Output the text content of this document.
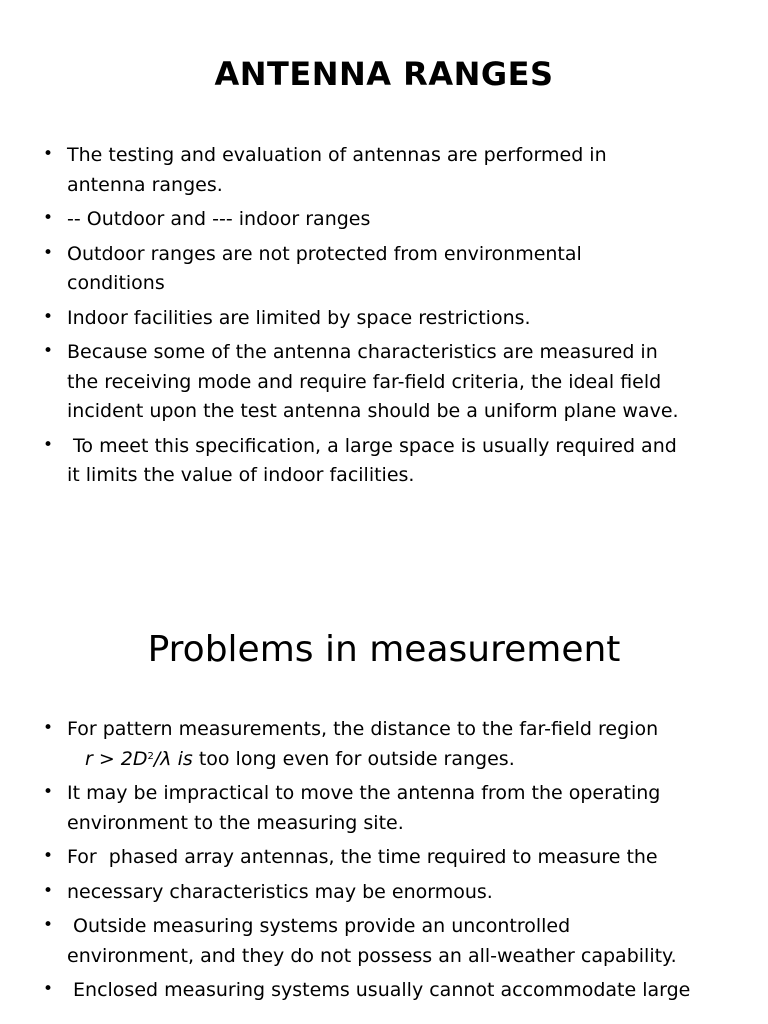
ANTENNA RANGES
• The testing and evaluation of antennas are performed in
antenna ranges.
• -- Outdoor and --- indoor ranges
• Outdoor ranges are not protected from environmental
conditions
• Indoor facilities are limited by space restrictions.
• Because some of the antenna characteristics are measured in
the receiving mode and require far-field criteria, the ideal field
incident upon the test antenna should be a uniform plane wave.
• To meet this specification, a large space is usually required and
it limits the value of indoor facilities.
Problems in measurement
• For pattern measurements, the distance to the far-field region
$r > 2D^2/\lambda$ is too long even for outside ranges.
• It may be impractical to move the antenna from the operating
environment to the measuring site.
• For  phased array antennas, the time required to measure the
• necessary characteristics may be enormous.
• Outside measuring systems provide an uncontrolled
environment, and they do not possess an all-weather capability.
• Enclosed measuring systems usually cannot accommodate large
